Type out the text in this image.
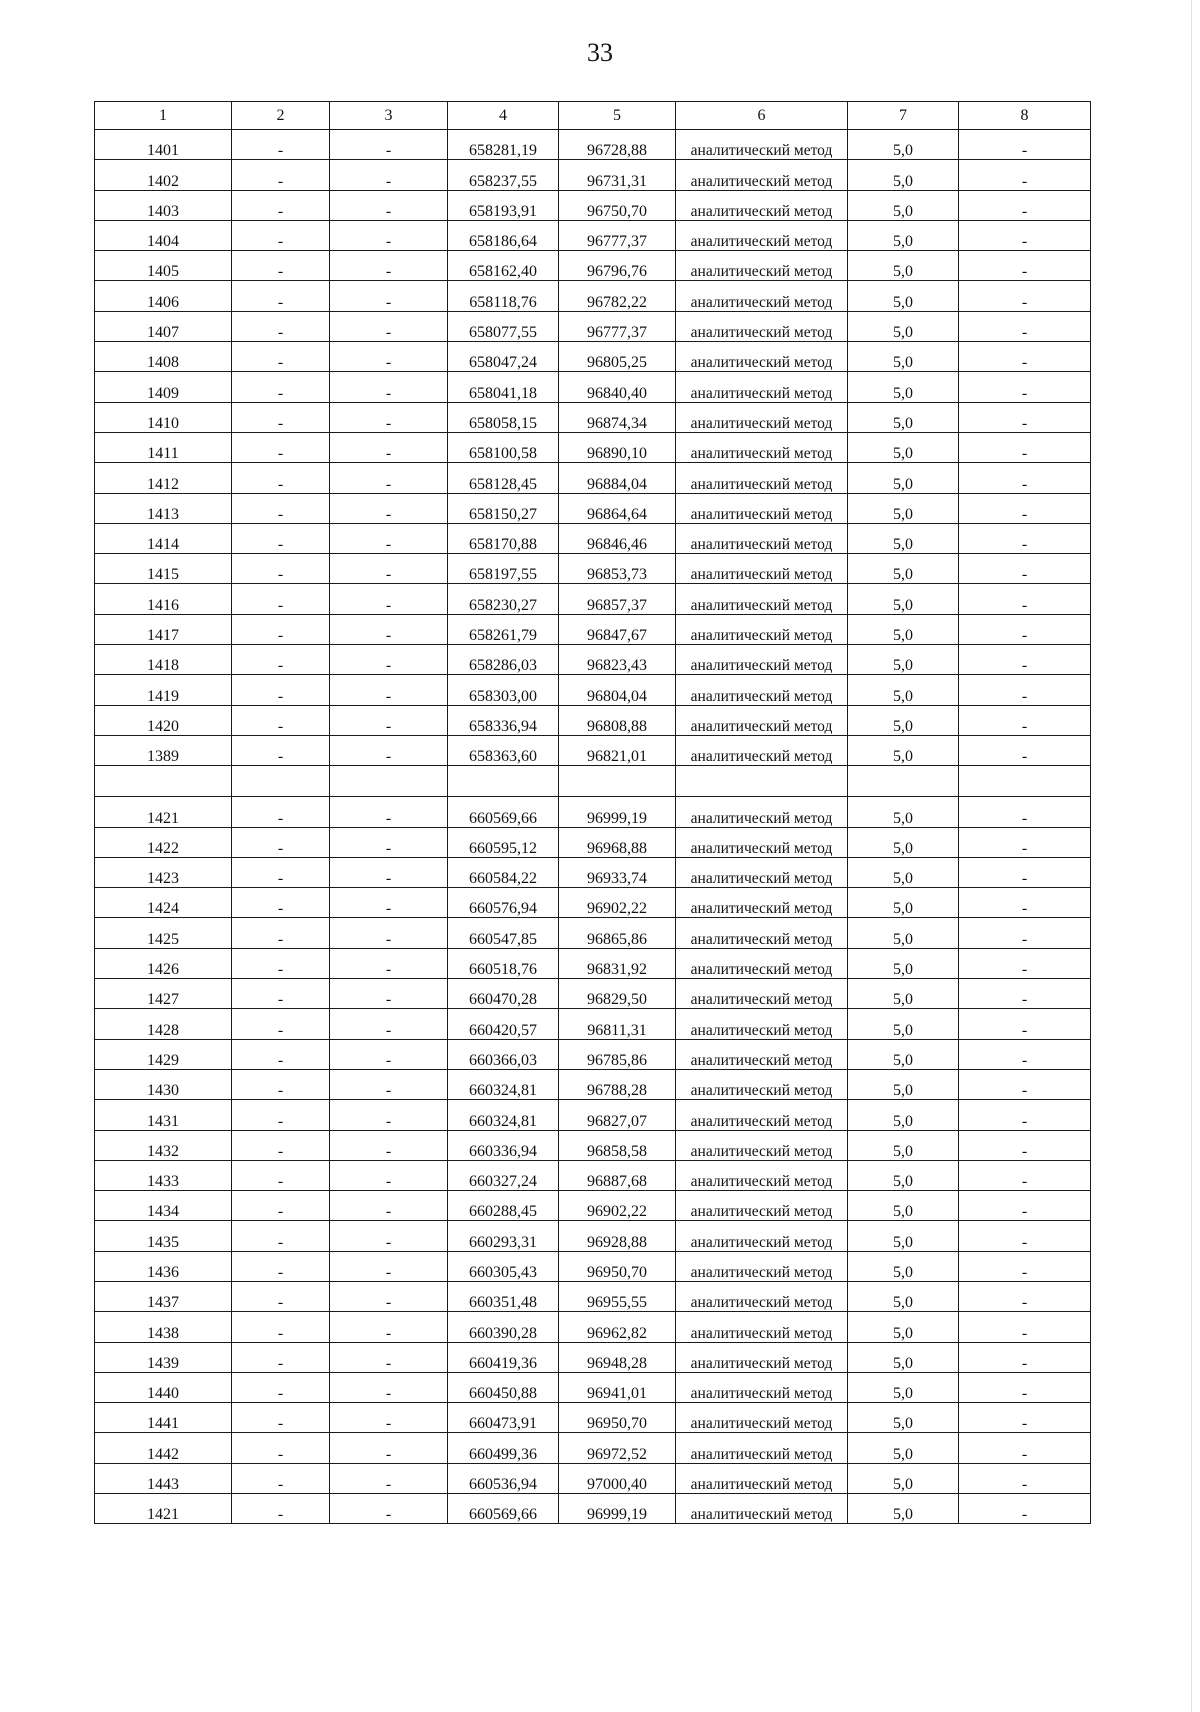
33
1	2	3	4	5	6	7	8
1401	-	-	658281,19	96728,88	аналитический метод	5,0	-
1402	-	-	658237,55	96731,31	аналитический метод	5,0	-
1403	-	-	658193,91	96750,70	аналитический метод	5,0	-
1404	-	-	658186,64	96777,37	аналитический метод	5,0	-
1405	-	-	658162,40	96796,76	аналитический метод	5,0	-
1406	-	-	658118,76	96782,22	аналитический метод	5,0	-
1407	-	-	658077,55	96777,37	аналитический метод	5,0	-
1408	-	-	658047,24	96805,25	аналитический метод	5,0	-
1409	-	-	658041,18	96840,40	аналитический метод	5,0	-
1410	-	-	658058,15	96874,34	аналитический метод	5,0	-
1411	-	-	658100,58	96890,10	аналитический метод	5,0	-
1412	-	-	658128,45	96884,04	аналитический метод	5,0	-
1413	-	-	658150,27	96864,64	аналитический метод	5,0	-
1414	-	-	658170,88	96846,46	аналитический метод	5,0	-
1415	-	-	658197,55	96853,73	аналитический метод	5,0	-
1416	-	-	658230,27	96857,37	аналитический метод	5,0	-
1417	-	-	658261,79	96847,67	аналитический метод	5,0	-
1418	-	-	658286,03	96823,43	аналитический метод	5,0	-
1419	-	-	658303,00	96804,04	аналитический метод	5,0	-
1420	-	-	658336,94	96808,88	аналитический метод	5,0	-
1389	-	-	658363,60	96821,01	аналитический метод	5,0	-

1421	-	-	660569,66	96999,19	аналитический метод	5,0	-
1422	-	-	660595,12	96968,88	аналитический метод	5,0	-
1423	-	-	660584,22	96933,74	аналитический метод	5,0	-
1424	-	-	660576,94	96902,22	аналитический метод	5,0	-
1425	-	-	660547,85	96865,86	аналитический метод	5,0	-
1426	-	-	660518,76	96831,92	аналитический метод	5,0	-
1427	-	-	660470,28	96829,50	аналитический метод	5,0	-
1428	-	-	660420,57	96811,31	аналитический метод	5,0	-
1429	-	-	660366,03	96785,86	аналитический метод	5,0	-
1430	-	-	660324,81	96788,28	аналитический метод	5,0	-
1431	-	-	660324,81	96827,07	аналитический метод	5,0	-
1432	-	-	660336,94	96858,58	аналитический метод	5,0	-
1433	-	-	660327,24	96887,68	аналитический метод	5,0	-
1434	-	-	660288,45	96902,22	аналитический метод	5,0	-
1435	-	-	660293,31	96928,88	аналитический метод	5,0	-
1436	-	-	660305,43	96950,70	аналитический метод	5,0	-
1437	-	-	660351,48	96955,55	аналитический метод	5,0	-
1438	-	-	660390,28	96962,82	аналитический метод	5,0	-
1439	-	-	660419,36	96948,28	аналитический метод	5,0	-
1440	-	-	660450,88	96941,01	аналитический метод	5,0	-
1441	-	-	660473,91	96950,70	аналитический метод	5,0	-
1442	-	-	660499,36	96972,52	аналитический метод	5,0	-
1443	-	-	660536,94	97000,40	аналитический метод	5,0	-
1421	-	-	660569,66	96999,19	аналитический метод	5,0	-
